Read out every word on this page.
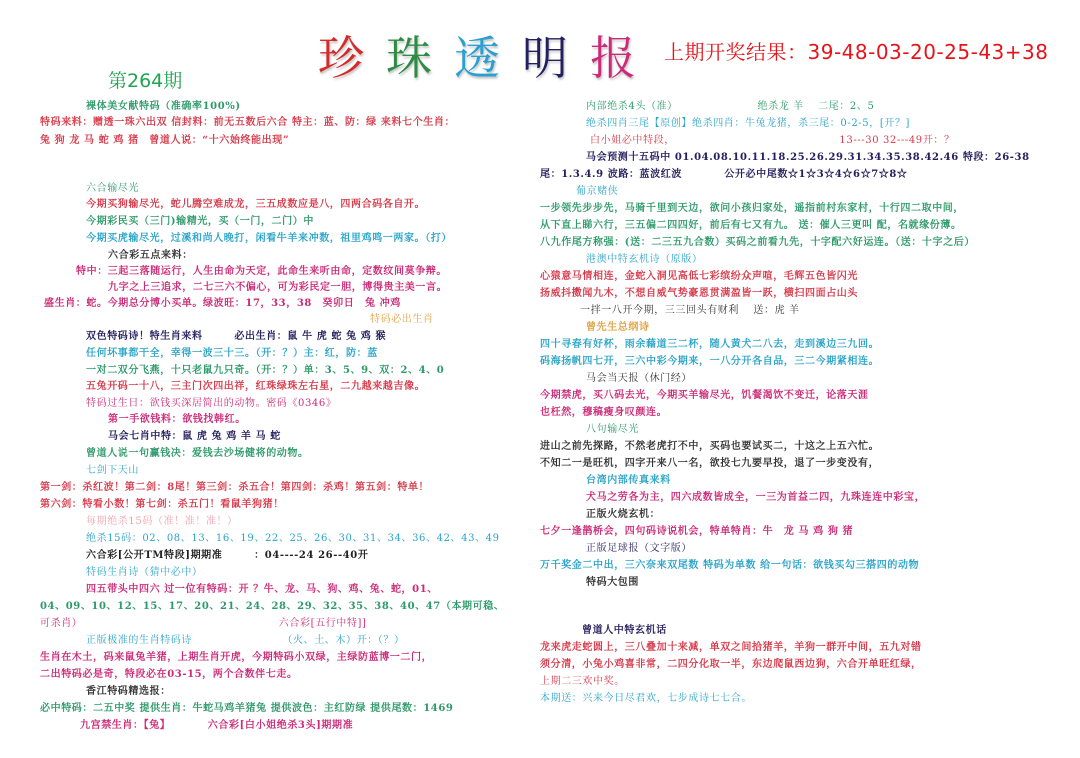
珍 珠 透 明 报 上期开奖结果：39-48-03-20-25-43+38
第264期
裸体美女献特码（准确率100%)
特码来料：赠透一珠六出双 信封料：前无五数后六合 特主：蓝、防：绿 来料七个生肖：
兔 狗 龙 马 蛇 鸡 猪　曾道人说：“十六始终能出现”
六合输尽光
今期买狗输尽光，蛇儿腾空难成龙，三五成数应是八，四两合码各自开。
今期彩民买（三门)输精光，买（一门，二门）中
今期买虎输尽光，过溪和尚人晚打，闲看牛羊来冲数，祖里鸡鸣一两家。（打）
六合彩五点来料：
特中：三起三落随运行，人生由命为天定，此命生来听由命，定数纹间莫争辩。
九字之上三追求，二七三六不偏心，可为彩民定一胆，博得贵主美一言。
盛生肖：蛇。今期总分博小买单。绿波旺：17，33，38　癸卯日　兔 冲鸡
特码必出生肖
双色特码诗！特生肖来料　　　必出生肖：鼠 牛 虎 蛇 兔 鸡 猴
任何坏事都干全，幸得一波三十三。（开：？）主：红，防：蓝
一对二双分飞燕，十只老鼠九只奇。（开：？）单：3、5、9、双：2、4、0
五兔开码一十八，三主门次四出祥，红珠绿珠左右星，二九越来越吉像。
特码过生日：欲钱买深居简出的动物。密码《0346》
第一手欲钱料：欲钱找韩红。
马会七肖中特：鼠 虎 兔 鸡 羊 马 蛇
曾道人说一句赢钱决：爱钱去沙场健将的动物。
七剑下天山
第一剑：杀红波！第二剑：8尾！第三剑：杀五合！第四剑：杀鸡！第五剑：特单！
第六剑：特看小数！第七剑：杀五门！看鼠羊狗猪！
每期绝杀15码（准！准！准！）
绝杀15码：02、08、13、16、19、22、25、26、30、31、34、36、42、43、49
六合彩[公开TM特段]期期准　　　：04----24 26--40开
特码生肖诗（猜中必中）
四五带头中四六 过一位有特码：开 ？牛、龙、马、狗、鸡、兔、蛇，01、
04、09、10、12、15、17、20、21、24、28、29、32、35、38、40、47（本期可稳、
可杀肖）　　　　　　　　　　　　　　　　　　　六合彩[五行中特]]
正版极准的生肖特码诗　　　　　　　　　（火、土、木）开：（？）
生肖在木土，码来鼠兔羊猪，上期生肖开虎，今期特码小双绿，主绿防蓝博一二门，
二出特码必是奇，特段必在03-15，两个合数伴七走。
香江特码精选报：
必中特码：二五中奖 提供生肖：牛蛇马鸡羊猪兔 提供波色：主红防绿 提供尾数：1469
九宫禁生肖：【兔】　　　　六合彩[白小姐绝杀3头]期期准
内部绝杀4头（准）　　　　　　　　绝杀龙 羊　 二尾：2、5
绝杀四肖三尾【原创】绝杀四肖：牛兔龙猪，杀三尾：0-2-5，[开？]
白小姐必中特段，　　　　　　　　　　　　　　　　13---30 32---49开：？
马会预测十五码中 01.04.08.10.11.18.25.26.29.31.34.35.38.42.46 特段：26-38
尾：1.3.4.9 波路：蓝波红波　　　　公开必中尾数☆1☆3☆4☆6☆7☆8☆
葡京赌侠
一步领先步步先，马骑千里到天边，欲问小孩归家处，遥指前村东家村，十行四二取中间，
从下直上睇六行，三五偏二四四好，前后有七又有九。 送：催人三更叫 配，名就缘份薄。
八九作尾方称强：(送：二三五九合数）买码之前看九先，十字配六好运连。（送：十字之后）
港澳中特玄机诗（原版）
心猿意马情相连，金蛇入洞见高低七彩缤纷众声喧，毛辉五色皆闪光
扬威抖擞闻九木，不想自威气势豪恩贯满盈皆一跃，横扫四面占山头
一拌一八开今期，三三回头有财利　 送：虎 羊
曾先生总纲诗
四十寻春有好杯，雨余藉道三二杯，随人黄犬二八去，走到溪边三九回。
码海扬帆四七开，三六中彩今期来，一八分开各自品，三二今期紧相连。
马会当天报（休门经）
今期禁虎，买八码去光，今期买羊输尽光，饥餐渴饮不变迁，论落天涯
也枉然，穆稿瘦身叹颜连。
八句输尽光
进山之前先探路，不然老虎打不中，买码也要试买二，十这之上五六忙。
不知二一是旺机，四字开来八一名，欲投七九要早投，退了一步变没有，
台湾内部传真来料
犬马之劳各为主，四六成数皆成全，一三为首益二四，九珠连连中彩宝，
正版火烧玄机：
七夕一逢鹊桥会，四句码诗说机会，特单特肖：牛　龙 马 鸡 狗 猪
正版足球报（文字版）
万千奖金二中出，三六奈来双尾数 特码为单数 给一句话：欲钱买勾三搭四的动物
特码大包围
曾道人中特玄机话
龙来虎走蛇圆上，三八叠加十来减，单双之间拾猪羊，羊狗一群开中间，五九对错
须分清，小兔小鸡喜非常，二四分化取一半，东边爬鼠西边狗，六合开单旺红绿，
上期二三欢中奖。
本期送：兴来今日尽君欢，七步成诗七七合。
